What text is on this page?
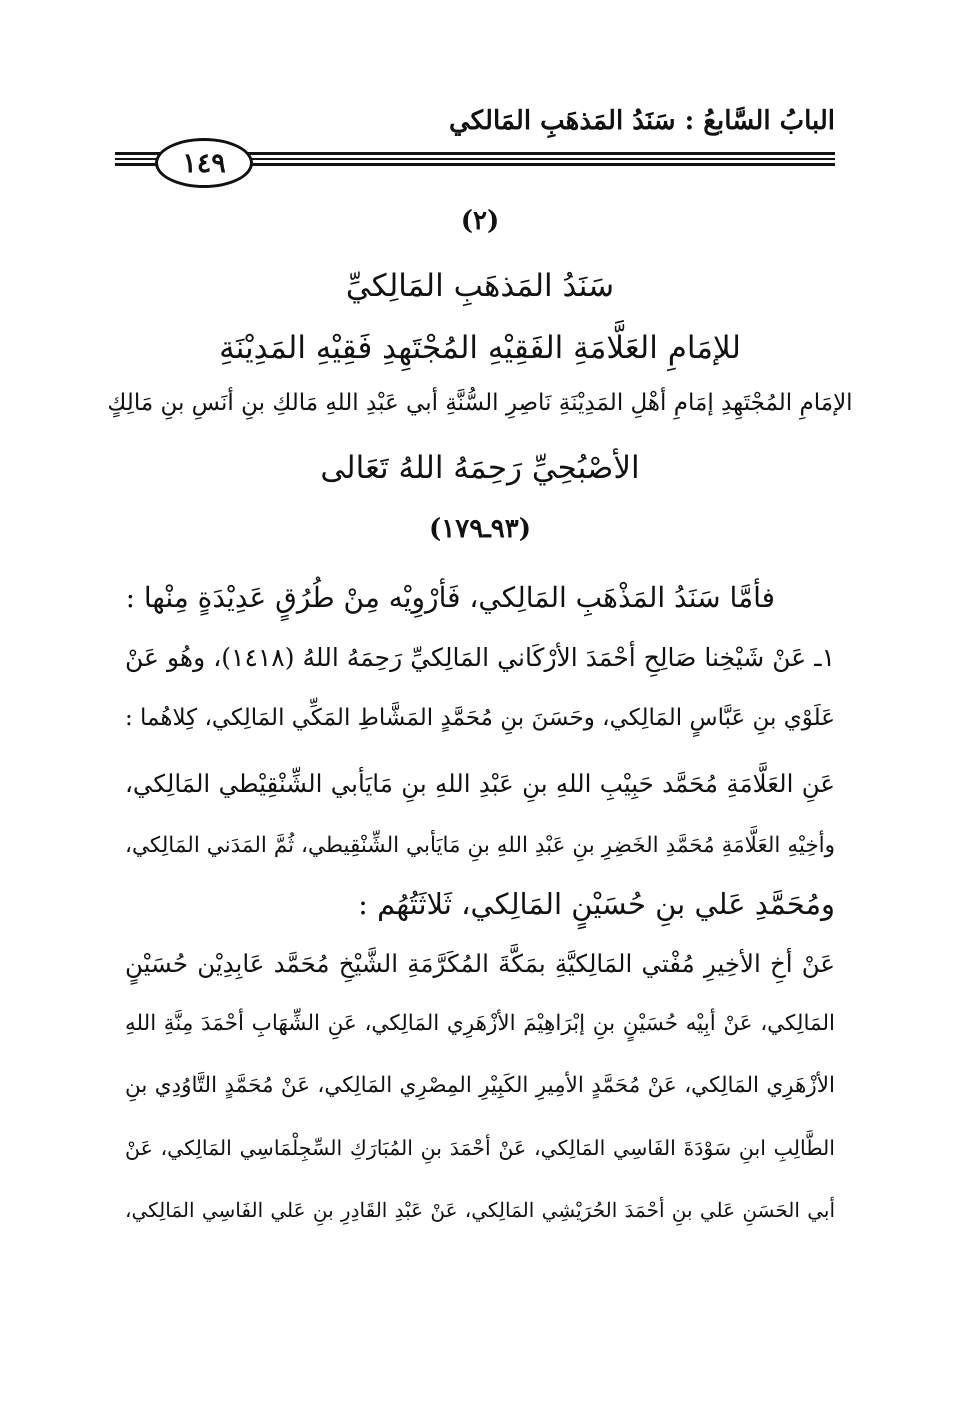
البابُ السَّابعُ : سَنَدُ المَذهَبِ المَالكي
١٤٩
(٢)
سَنَدُ المَذهَبِ المَالِكيِّ
للإمَامِ العَلَّامَةِ الفَقِيْهِ المُجْتَهِدِ فَقِيْهِ المَدِيْنَةِ
الإمَامِ المُجْتَهِدِ إمَامِ أهْلِ المَدِيْنَةِ نَاصِرِ السُّنَّةِ أبي عَبْدِ اللهِ مَالكِ بنِ أنَسِ بنِ مَالِكٍ
الأصْبُحِيِّ رَحِمَهُ اللهُ تَعَالى
(٩٣ـ١٧٩)
فأمَّا سَنَدُ المَذْهَبِ المَالِكي، فَأرْوِيْه مِنْ طُرُقٍ عَدِيْدَةٍ مِنْها :
١ـ عَنْ شَيْخِنا صَالِحِ أحْمَدَ الأرْكَاني المَالِكيِّ رَحِمَهُ اللهُ (١٤١٨)، وهُو عَنْ
عَلَوْي بنِ عَبَّاسٍ المَالِكي، وحَسَنَ بنِ مُحَمَّدٍ المَشَّاطِ المَكِّي المَالِكي، كِلاهُما :
عَنِ العَلَّامَةِ مُحَمَّد حَبِيْبِ اللهِ بنِ عَبْدِ اللهِ بنِ مَايَأبي الشِّنْقِيْطي المَالِكي،
وأخِيْهِ العَلَّامَةِ مُحَمَّدِ الخَضِرِ بنِ عَبْدِ اللهِ بنِ مَايَأبي الشِّنْقِيطي، ثُمَّ المَدَني المَالِكي،
ومُحَمَّدِ عَلي بنِ حُسَيْنٍ المَالِكي، ثَلاثَتُهُم :
عَنْ أخِ الأخِيرِ مُفْتي المَالِكيَّةِ بمَكَّةَ المُكَرَّمَةِ الشَّيْخِ مُحَمَّد عَابِدِيْن حُسَيْنٍ
المَالِكي، عَنْ أبِيْه حُسَيْنٍ بنِ إبْرَاهِيْمَ الأزْهَرِي المَالِكي، عَنِ الشِّهَابِ أحْمَدَ مِنَّةِ اللهِ
الأزْهَرِي المَالِكي، عَنْ مُحَمَّدٍ الأمِيرِ الكَبِيْرِ المِصْرِي المَالِكي، عَنْ مُحَمَّدٍ التَّاوُدِي بنِ
الطَّالِبِ ابنِ سَوْدَةَ الفَاسِي المَالِكي، عَنْ أحْمَدَ بنِ المُبَارَكِ السِّجِلْمَاسِي المَالِكي، عَنْ
أبي الحَسَنِ عَلي بنِ أحْمَدَ الحُرَيْشِي المَالِكي، عَنْ عَبْدِ القَادِرِ بنِ عَلي الفَاسِي المَالِكي،
